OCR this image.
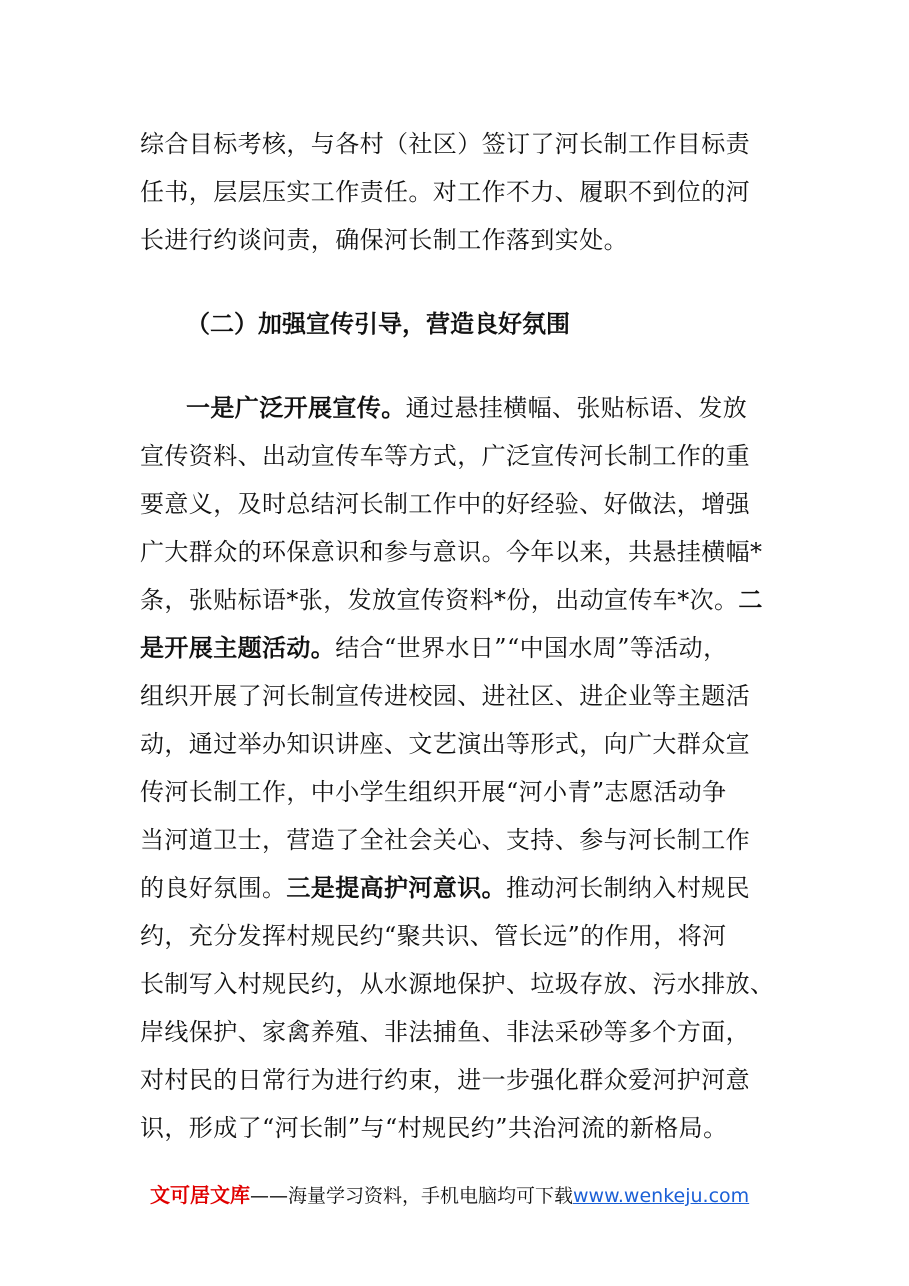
综合目标考核，与各村（社区）签订了河长制工作目标责
任书，层层压实工作责任。对工作不力、履职不到位的河
长进行约谈问责，确保河长制工作落到实处。
（二）加强宣传引导，营造良好氛围
一是广泛开展宣传。通过悬挂横幅、张贴标语、发放
宣传资料、出动宣传车等方式，广泛宣传河长制工作的重
要意义，及时总结河长制工作中的好经验、好做法，增强
广大群众的环保意识和参与意识。今年以来，共悬挂横幅*
条，张贴标语*张，发放宣传资料*份，出动宣传车*次。二
是开展主题活动。结合“世界水日”“中国水周”等活动，
组织开展了河长制宣传进校园、进社区、进企业等主题活
动，通过举办知识讲座、文艺演出等形式，向广大群众宣
传河长制工作，中小学生组织开展“河小青”志愿活动争
当河道卫士，营造了全社会关心、支持、参与河长制工作
的良好氛围。三是提高护河意识。推动河长制纳入村规民
约，充分发挥村规民约“聚共识、管长远”的作用，将河
长制写入村规民约，从水源地保护、垃圾存放、污水排放、
岸线保护、家禽养殖、非法捕鱼、非法采砂等多个方面，
对村民的日常行为进行约束，进一步强化群众爱河护河意
识，形成了“河长制”与“村规民约”共治河流的新格局。
文可居文库——海量学习资料，手机电脑均可下载www.wenkeju.com
